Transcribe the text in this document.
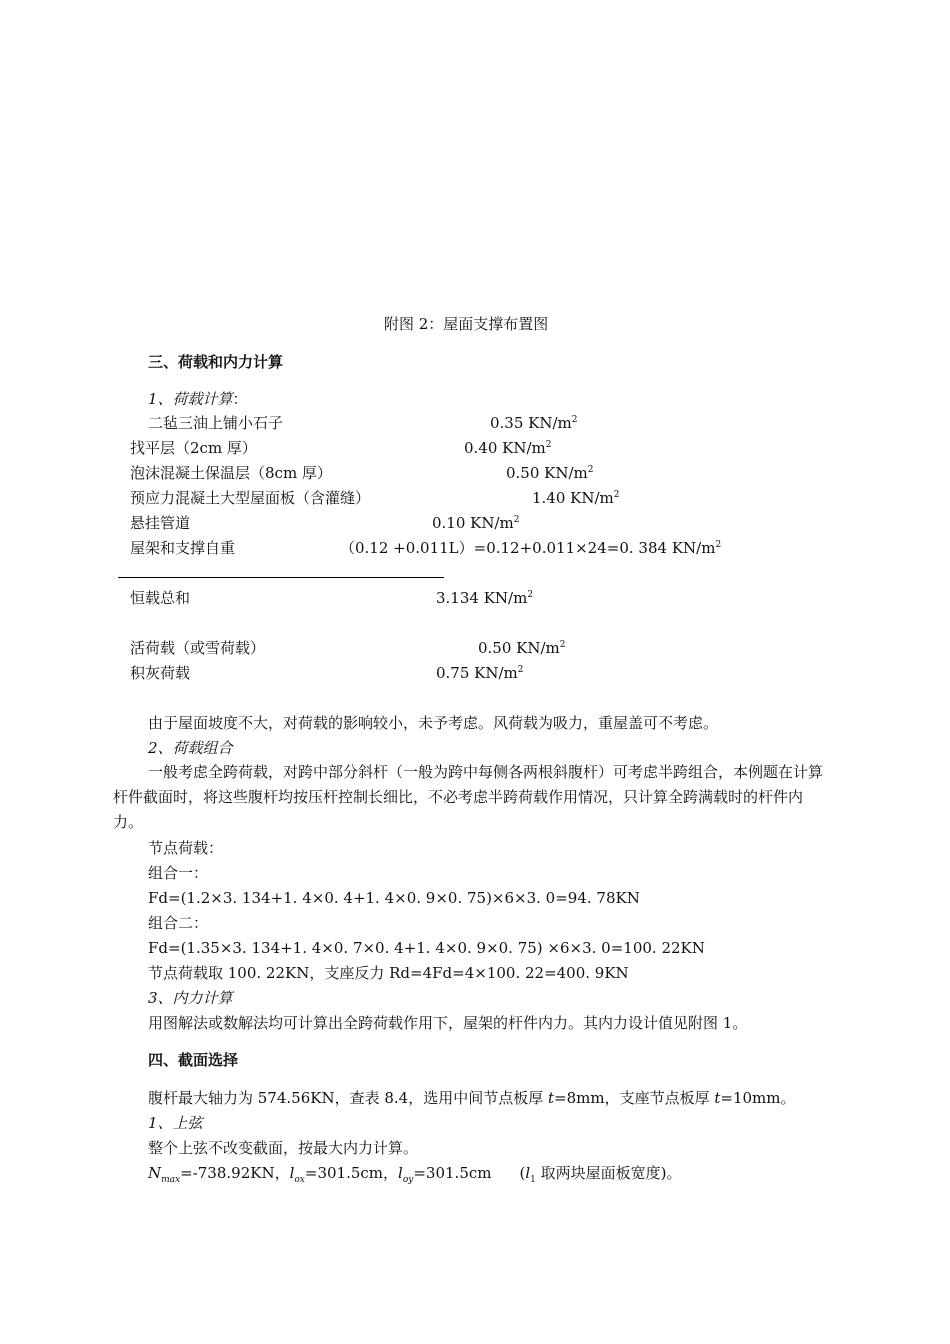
附图 2：屋面支撑布置图
三、荷载和内力计算
1、荷载计算：
二毡三油上铺小石子	0.35 $KN/m^2$
找平层（2cm 厚）	0.40 $KN/m^2$
泡沫混凝土保温层（8cm 厚）	0.50 $KN/m^2$
预应力混凝土大型屋面板（含灌缝）	1.40 $KN/m^2$
悬挂管道	0.10 $KN/m^2$
屋架和支撑自重	（0.12 +0.011L）=0.12+0.011×24=0. 384 $KN/m^2$
恒载总和	3.134 $KN/m^2$
活荷载（或雪荷载）	0.50 $KN/m^2$
积灰荷载	0.75 $KN/m^2$
由于屋面坡度不大，对荷载的影响较小，未予考虑。风荷载为吸力，重屋盖可不考虑。
2、荷载组合
一般考虑全跨荷载，对跨中部分斜杆（一般为跨中每侧各两根斜腹杆）可考虑半跨组合，本例题在计算杆件截面时，将这些腹杆均按压杆控制长细比，不必考虑半跨荷载作用情况，只计算全跨满载时的杆件内力。
节点荷载：
组合一：
Fd=(1.2×3. 134+1. 4×0. 4+1. 4×0. 9×0. 75)×6×3. 0=94. 78KN
组合二：
Fd=(1.35×3. 134+1. 4×0. 7×0. 4+1. 4×0. 9×0. 75) ×6×3. 0=100. 22KN
节点荷载取 100. 22KN，支座反力 Rd=4Fd=4×100. 22=400. 9KN
3、内力计算
用图解法或数解法均可计算出全跨荷载作用下，屋架的杆件内力。其内力设计值见附图 1。
四、截面选择
腹杆最大轴力为 574.56KN，查表 8.4，选用中间节点板厚 t=8mm，支座节点板厚 t=10mm。
1、上弦
整个上弦不改变截面，按最大内力计算。
$N_{max}=-738.92KN$，$l_{ox}=301.5cm$，$l_{oy}=301.5cm$ ($l_1$ 取两块屋面板宽度)。
